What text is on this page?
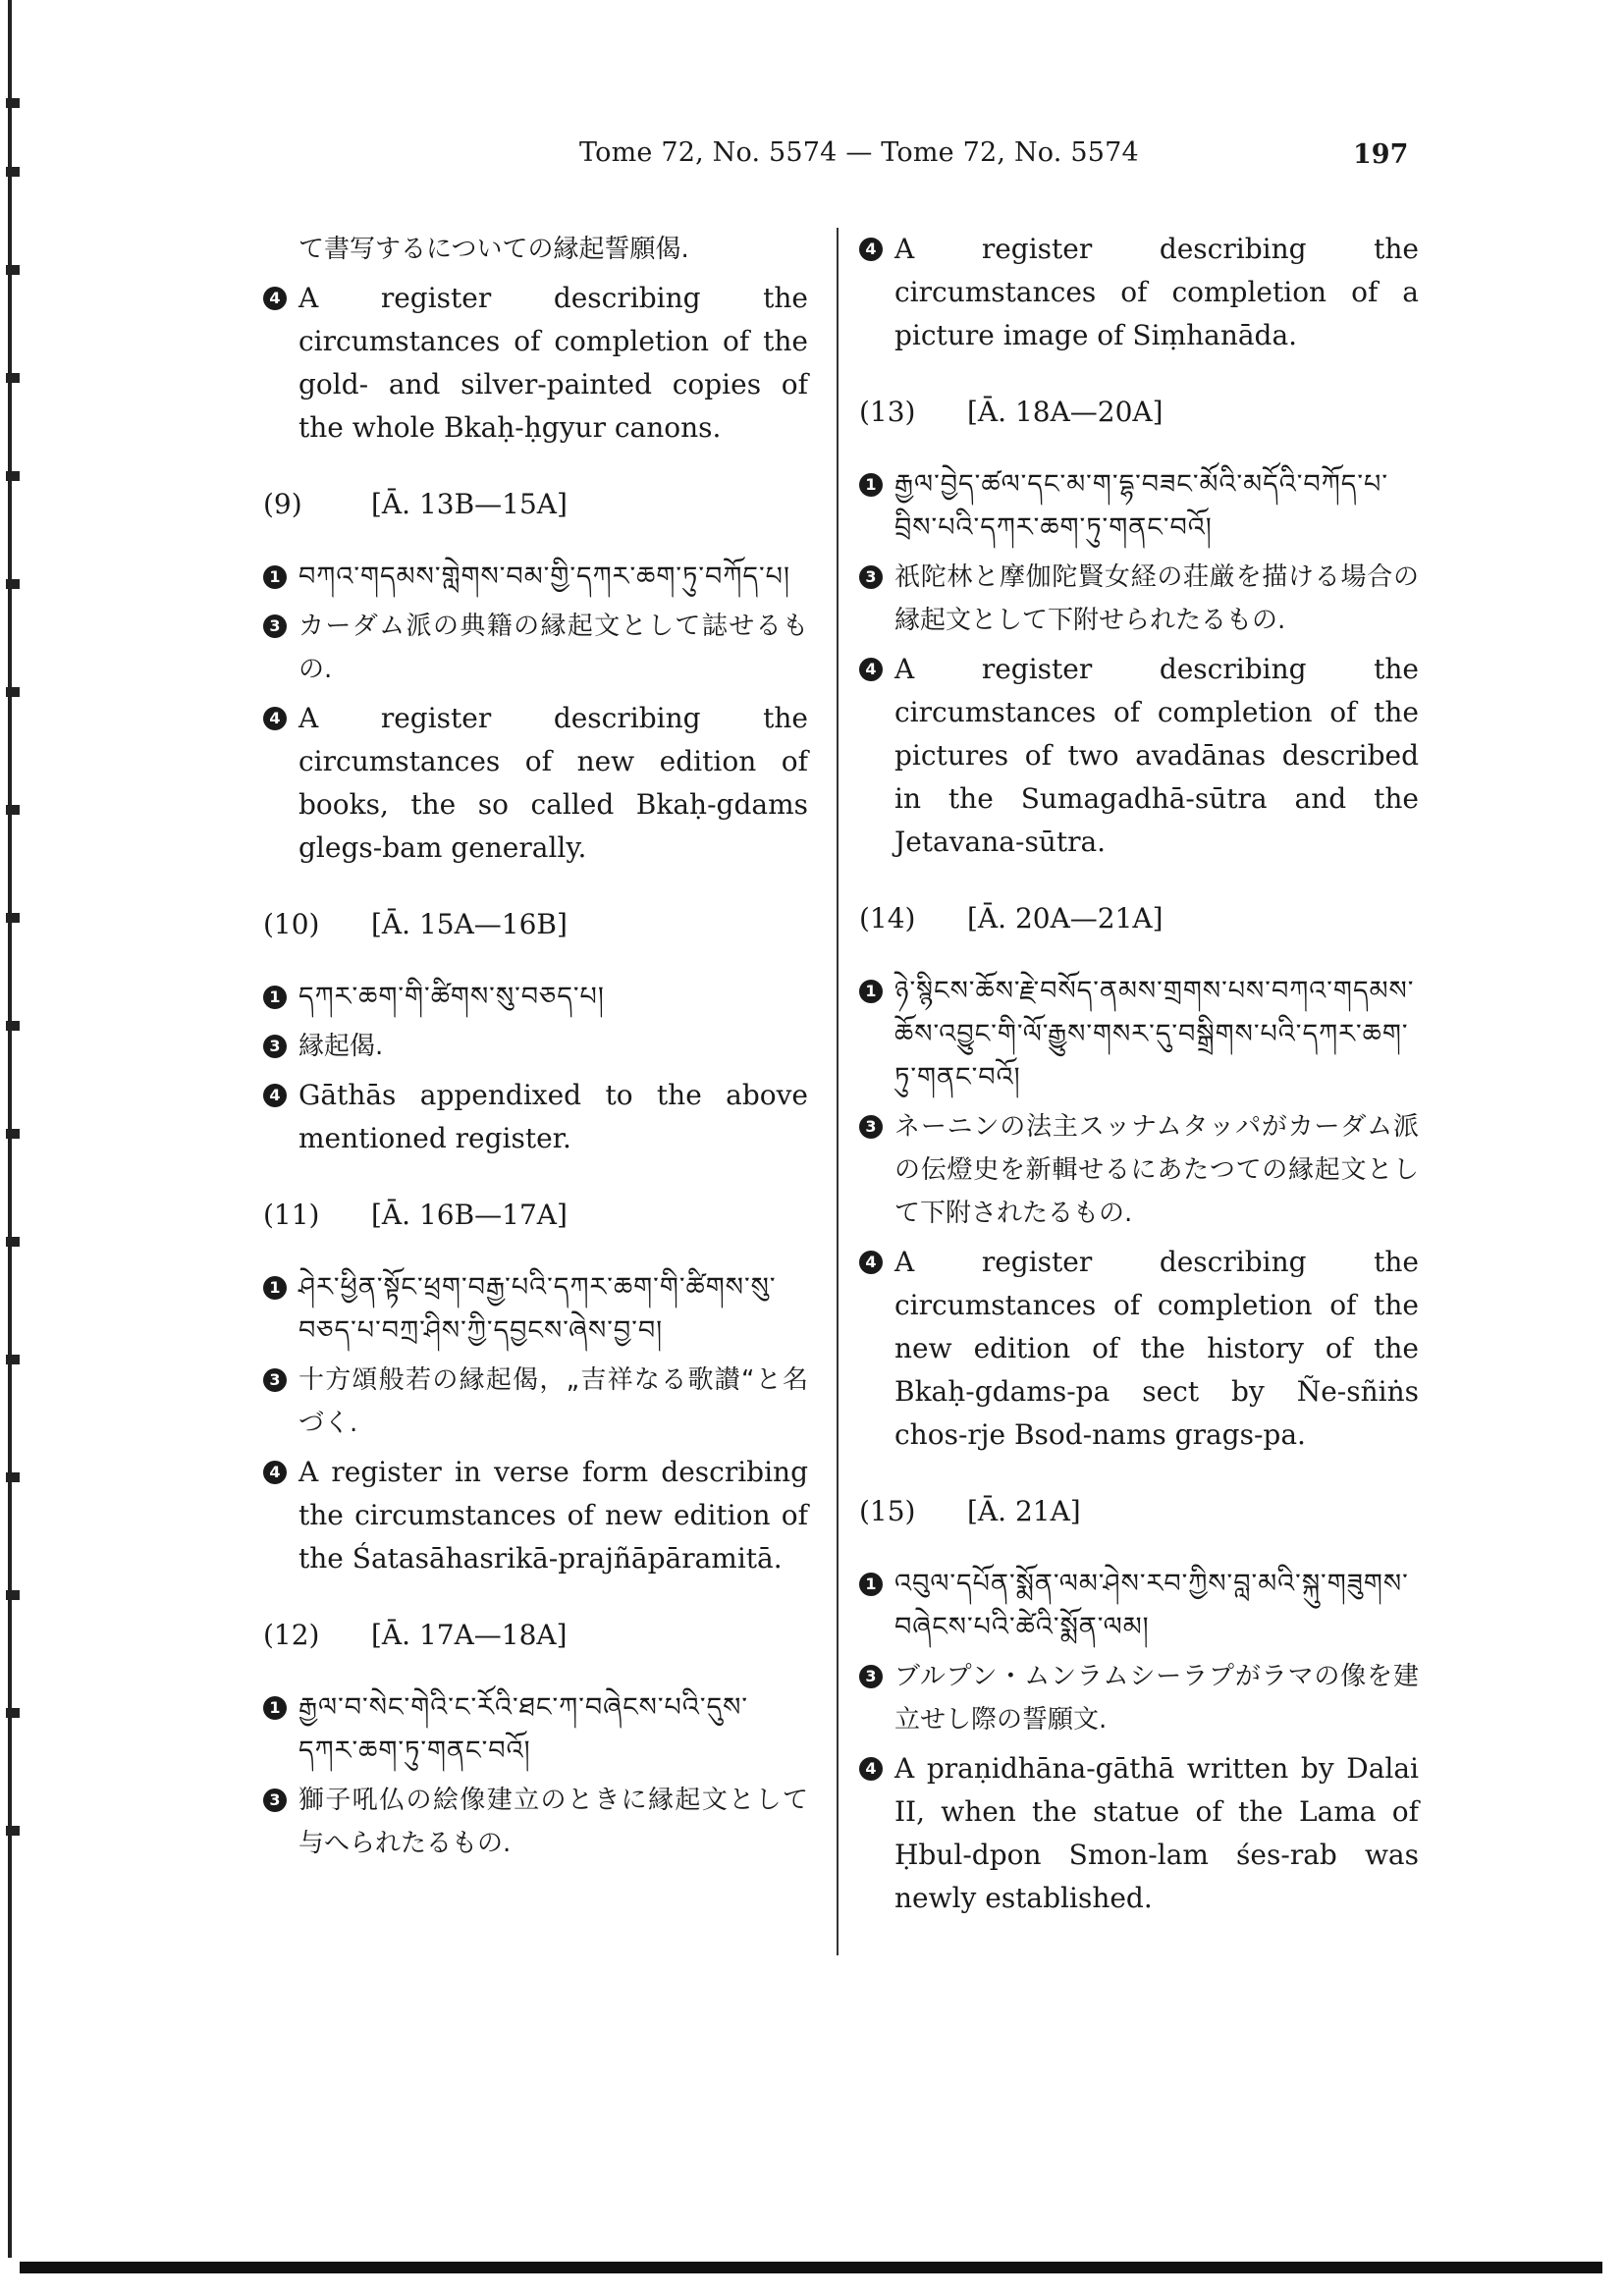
Tome 72, No. 5574 — Tome 72, No. 5574	197
て書写するについての縁起誓願偈.
4 A register describing the circumstances of completion of the gold- and silver-painted copies of the whole Bkaḥ-ḥgyur canons.
(9)	[Ā. 13B—15A]
1 བཀའ་གདམས་གླེགས་བམ་གྱི་དཀར་ཆག་ཏུ་བཀོད་པ།
3 カーダム派の典籍の縁起文として誌せるもの.
4 A register describing the circumstances of new edition of books, the so called Bkaḥ-gdams glegs-bam generally.
(10)	[Ā. 15A—16B]
1 དཀར་ཆག་གི་ཚིགས་སུ་བཅད་པ།
3 縁起偈.
4 Gāthās appendixed to the above mentioned register.
(11)	[Ā. 16B—17A]
1 ཤེར་ཕྱིན་སྟོང་ཕྲག་བརྒྱ་པའི་དཀར་ཆག་གི་ཚིགས་སུ་བཅད་པ་བཀྲ་ཤིས་ཀྱི་དབྱངས་ཞེས་བྱ་བ།
3 十方頌般若の縁起偈，„吉祥なる歌讃“と名づく.
4 A register in verse form describing the circumstances of new edition of the Śatasāhasrikā-prajñāpāramitā.
(12)	[Ā. 17A—18A]
1 རྒྱལ་བ་སེང་གེའི་ང་རོའི་ཐང་ཀ་བཞེངས་པའི་དུས་དཀར་ཆག་ཏུ་གནང་བའོ།
3 獅子吼仏の絵像建立のときに縁起文として与へられたるもの.
4 A register describing the circumstances of completion of a picture image of Siṃhanāda.
(13)	[Ā. 18A—20A]
1 རྒྱལ་བྱེད་ཚལ་དང་མ་ག་དྷ་བཟང་མོའི་མདོའི་བཀོད་པ་བྲིས་པའི་དཀར་ཆག་ཏུ་གནང་བའོ།
3 祇陀林と摩伽陀賢女経の荘厳を描ける場合の縁起文として下附せられたるもの.
4 A register describing the circumstances of completion of the pictures of two avadānas described in the Sumagadhā-sūtra and the Jetavana-sūtra.
(14)	[Ā. 20A—21A]
1 ཉེ་སྙིངས་ཆོས་རྗེ་བསོད་ནམས་གྲགས་པས་བཀའ་གདམས་ཆོས་འབྱུང་གི་ལོ་རྒྱུས་གསར་དུ་བསྒྲིགས་པའི་དཀར་ཆག་ཏུ་གནང་བའོ།
3 ネーニンの法主スッナムタッパがカーダム派の伝燈史を新輯せるにあたつての縁起文として下附されたるもの.
4 A register describing the circumstances of completion of the new edition of the history of the Bkaḥ-gdams-pa sect by Ñe-sñiṅs chos-rje Bsod-nams grags-pa.
(15)	[Ā. 21A]
1 འབུལ་དཔོན་སྨོན་ལམ་ཤེས་རབ་ཀྱིས་བླ་མའི་སྐུ་གཟུགས་བཞེངས་པའི་ཚེའི་སྨོན་ལམ།
3 ブルプン・ムンラムシーラプがラマの像を建立せし際の誓願文.
4 A praṇidhāna-gāthā written by Dalai II, when the statue of the Lama of Ḥbul-dpon Smon-lam śes-rab was newly established.
